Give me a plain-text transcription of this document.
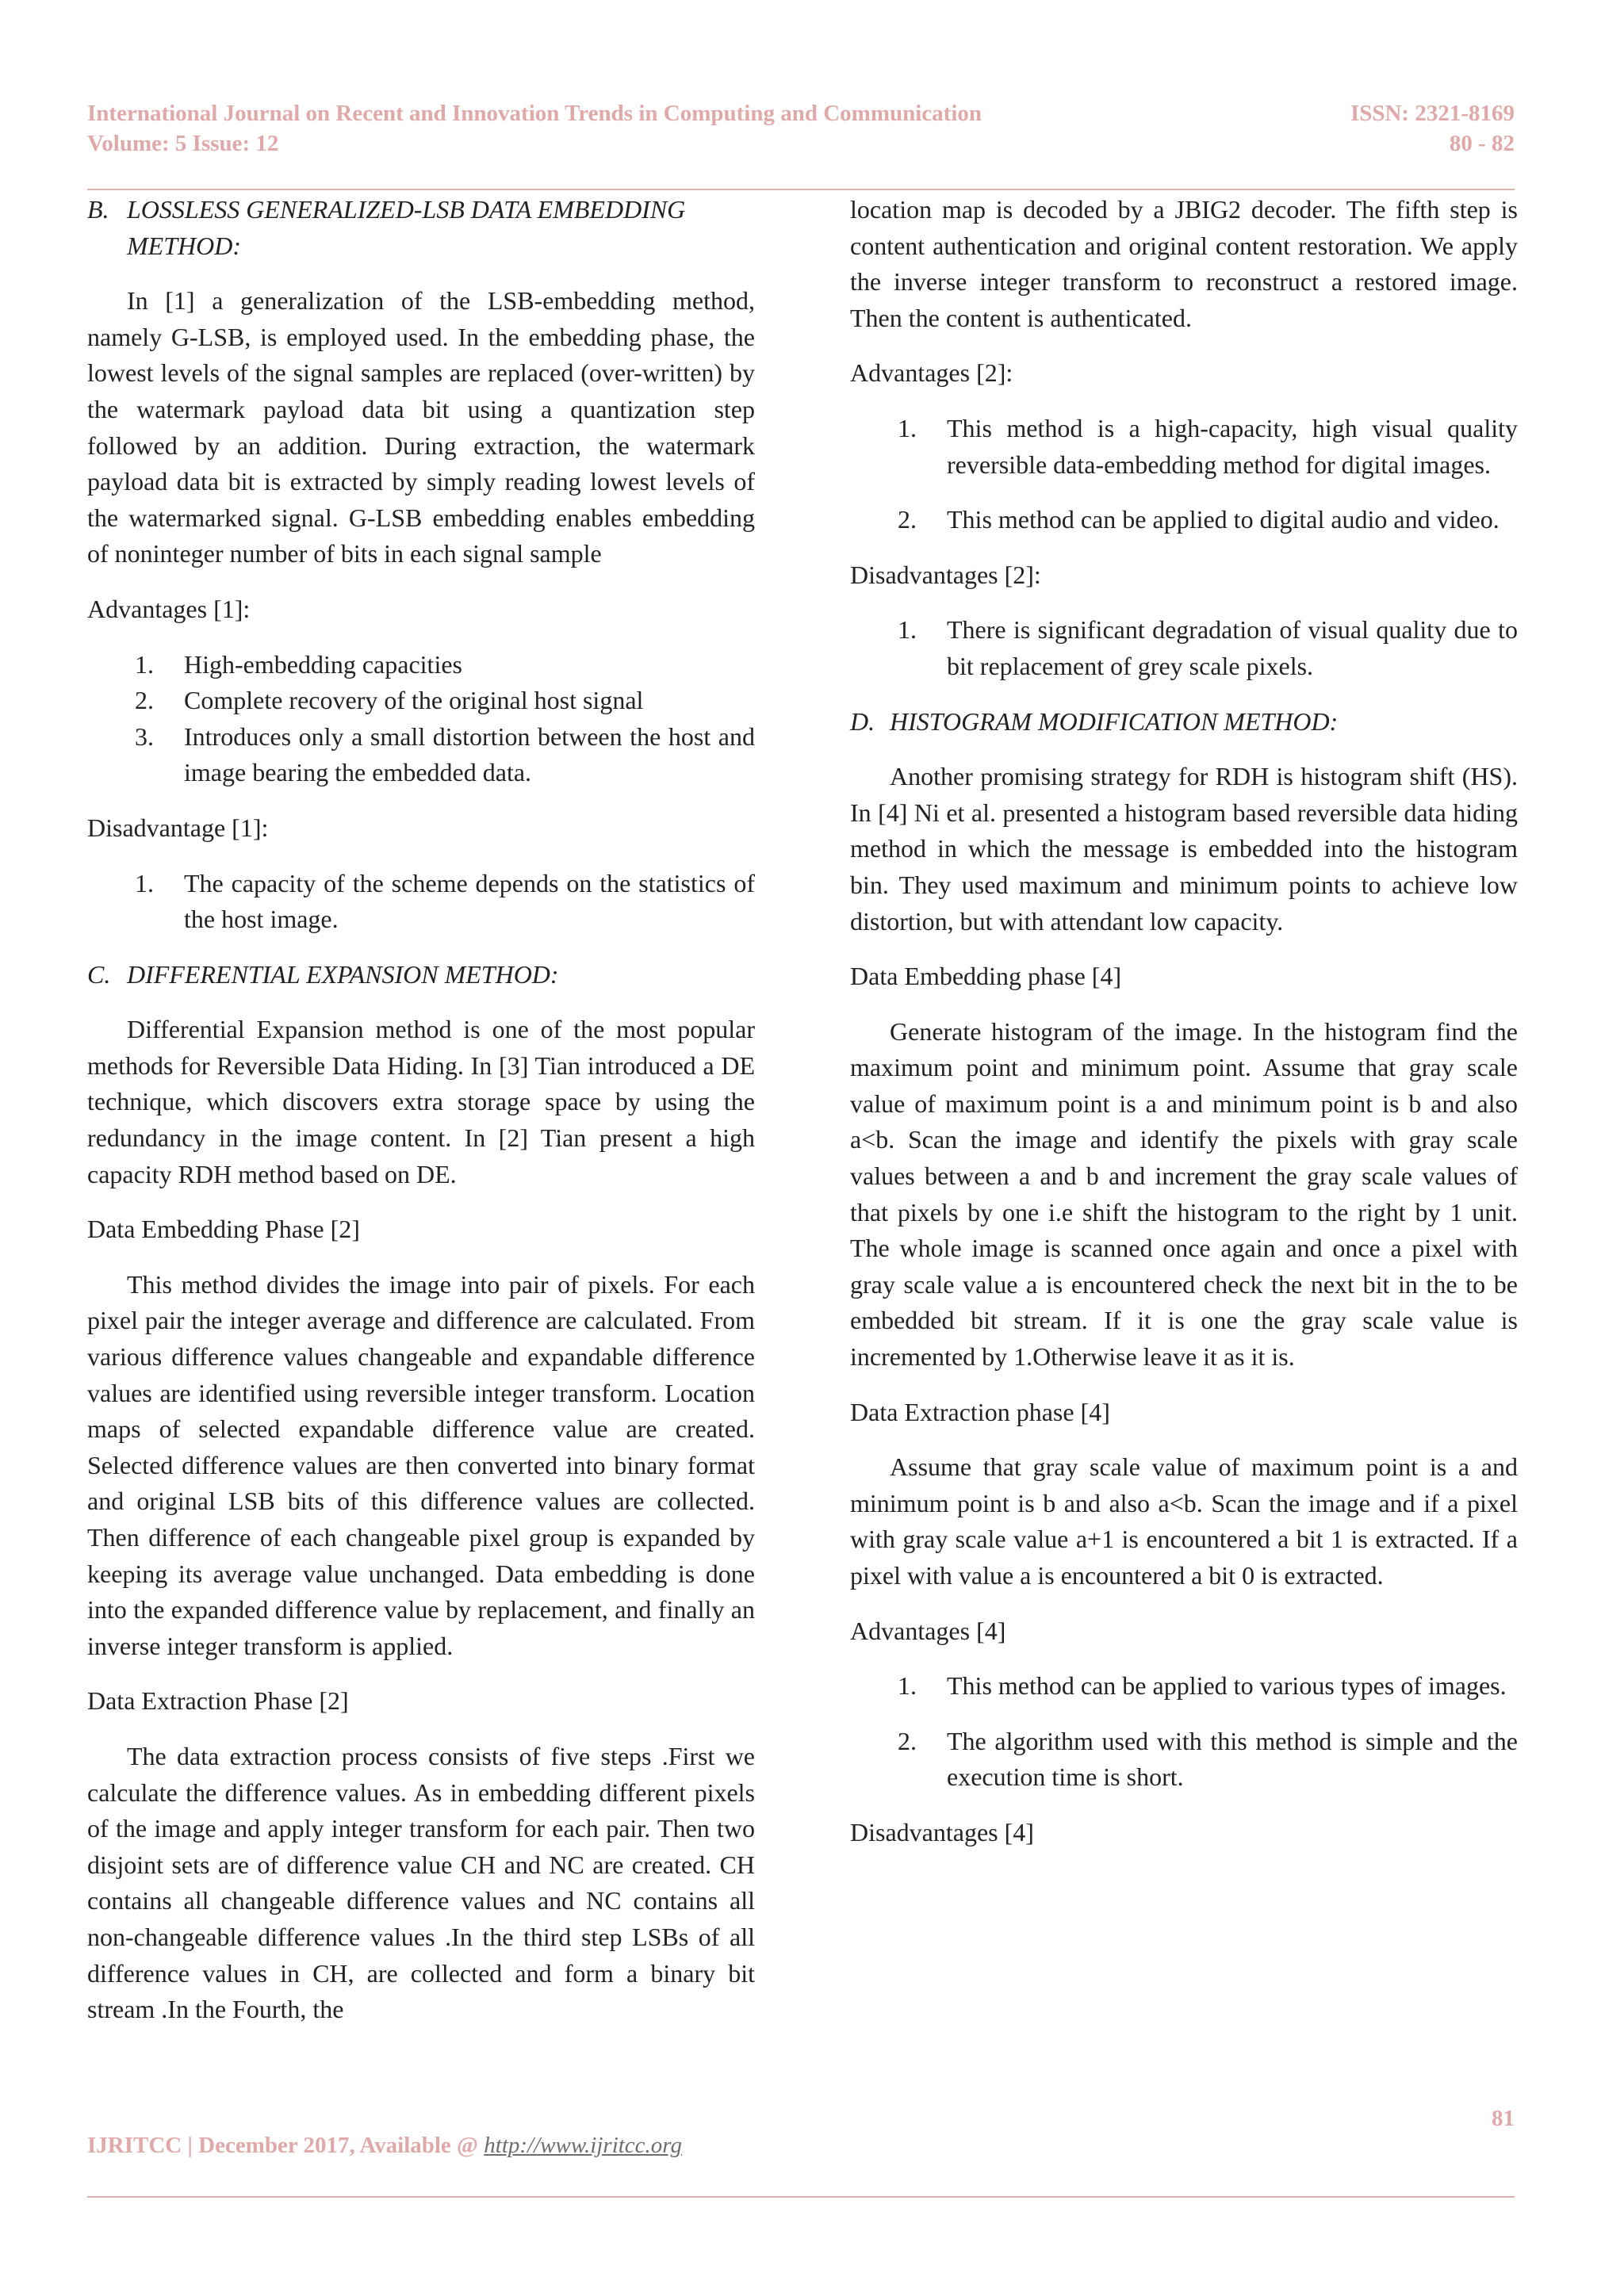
International Journal on Recent and Innovation Trends in Computing and Communication
Volume: 5 Issue: 12
ISSN: 2321-8169
80 - 82
B. LOSSLESS GENERALIZED-LSB DATA EMBEDDING METHOD:

In [1] a generalization of the LSB-embedding method, namely G-LSB, is employed used. In the embedding phase, the lowest levels of the signal samples are replaced (over-written) by the watermark payload data bit using a quantization step followed by an addition. During extraction, the watermark payload data bit is extracted by simply reading lowest levels of the watermarked signal. G-LSB embedding enables embedding of noninteger number of bits in each signal sample

Advantages [1]:
1. High-embedding capacities
2. Complete recovery of the original host signal
3. Introduces only a small distortion between the host and image bearing the embedded data.
Disadvantage [1]:
1. The capacity of the scheme depends on the statistics of the host image.
C. DIFFERENTIAL EXPANSION METHOD:

Differential Expansion method is one of the most popular methods for Reversible Data Hiding. In [3] Tian introduced a DE technique, which discovers extra storage space by using the redundancy in the image content. In [2] Tian present a high capacity RDH method based on DE.

Data Embedding Phase [2]

This method divides the image into pair of pixels. For each pixel pair the integer average and difference are calculated. From various difference values changeable and expandable difference values are identified using reversible integer transform. Location maps of selected expandable difference value are created. Selected difference values are then converted into binary format and original LSB bits of this difference values are collected. Then difference of each changeable pixel group is expanded by keeping its average value unchanged. Data embedding is done into the expanded difference value by replacement, and finally an inverse integer transform is applied.

Data Extraction Phase [2]

The data extraction process consists of five steps .First we calculate the difference values. As in embedding different pixels of the image and apply integer transform for each pair. Then two disjoint sets are of difference value CH and NC are created. CH contains all changeable difference values and NC contains all non-changeable difference values .In the third step LSBs of all difference values in CH, are collected and form a binary bit stream .In the Fourth, the

location map is decoded by a JBIG2 decoder. The fifth step is content authentication and original content restoration. We apply the inverse integer transform to reconstruct a restored image. Then the content is authenticated.

Advantages [2]:
1. This method is a high-capacity, high visual quality reversible data-embedding method for digital images.
2. This method can be applied to digital audio and video.
Disadvantages [2]:
1. There is significant degradation of visual quality due to bit replacement of grey scale pixels.
D. HISTOGRAM MODIFICATION METHOD:

Another promising strategy for RDH is histogram shift (HS). In [4] Ni et al. presented a histogram based reversible data hiding method in which the message is embedded into the histogram bin. They used maximum and minimum points to achieve low distortion, but with attendant low capacity.

Data Embedding phase [4]

Generate histogram of the image. In the histogram find the maximum point and minimum point. Assume that gray scale value of maximum point is a and minimum point is b and also a<b. Scan the image and identify the pixels with gray scale values between a and b and increment the gray scale values of that pixels by one i.e shift the histogram to the right by 1 unit. The whole image is scanned once again and once a pixel with gray scale value a is encountered check the next bit in the to be embedded bit stream. If it is one the gray scale value is incremented by 1.Otherwise leave it as it is.

Data Extraction phase [4]

Assume that gray scale value of maximum point is a and minimum point is b and also a<b. Scan the image and if a pixel with gray scale value a+1 is encountered a bit 1 is extracted. If a pixel with value a is encountered a bit 0 is extracted.

Advantages [4]
1. This method can be applied to various types of images.
2. The algorithm used with this method is simple and the execution time is short.
Disadvantages [4]
81
IJRITCC | December 2017, Available @ http://www.ijritcc.org
